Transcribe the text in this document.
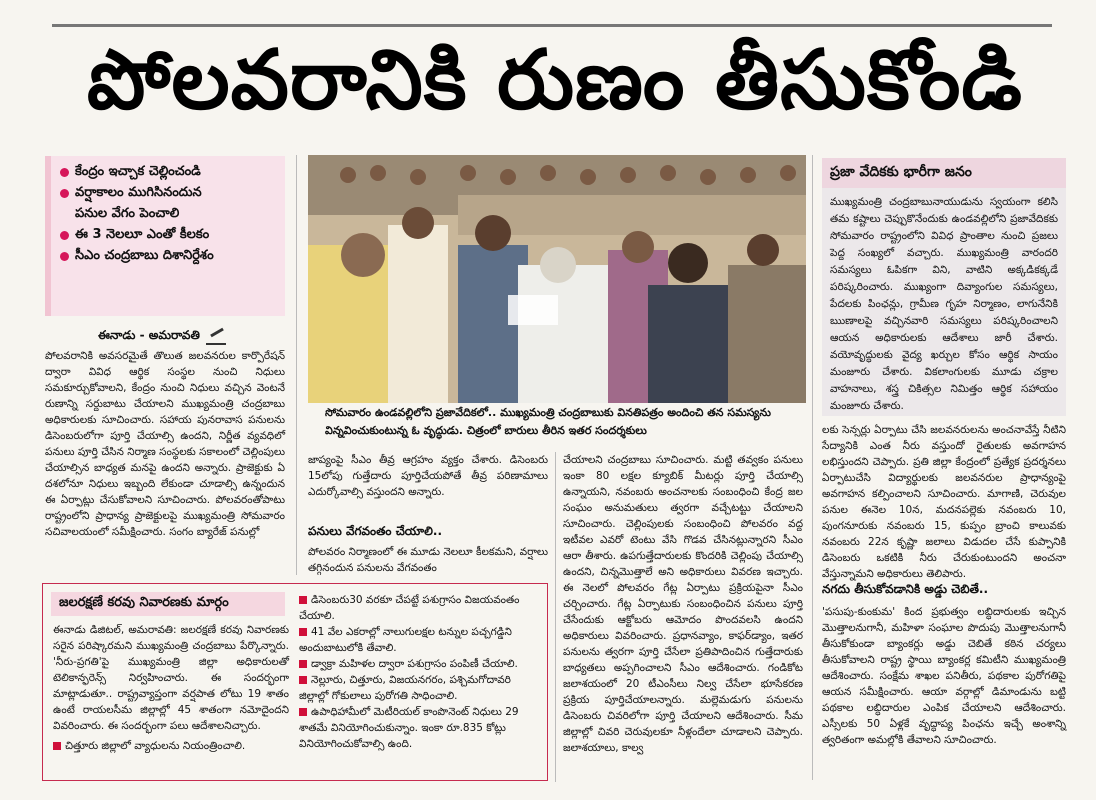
పోలవరానికి రుణం తీసుకోండి
కేంద్రం ఇచ్చాక చెల్లించండి
వర్షాకాలం ముగిసినందున
పనుల వేగం పెంచాలి
ఈ 3 నెలలూ ఎంతో కీలకం
సీఎం చంద్రబాబు దిశానిర్దేశం
ఈనాడు - అమరావతి
పోలవరానికి అవసరమైతే తొలుత జలవనరుల కార్పొరేషన్ ద్వారా వివిధ ఆర్థిక సంస్థల నుంచి నిధులు సమకూర్చుకోవాలని, కేంద్రం నుంచి నిధులు వచ్చిన వెంటనే రుణాన్ని సర్దుబాటు చేయాలని ముఖ్యమంత్రి చంద్రబాబు అధికారులకు సూచించారు. సహాయ పునరావాస పనులను డిసెంబరులోగా పూర్తి చేయాల్సి ఉందని, నిర్ణీత వ్యవధిలో పనులు పూర్తి చేసిన నిర్మాణ సంస్థలకు సకాలంలో చెల్లింపులు చేయాల్సిన బాధ్యత మనపై ఉందని అన్నారు. ప్రాజెక్టుకు ఏ దశలోనూ నిధులు ఇబ్బంది లేకుండా చూడాల్సి ఉన్నందున ఈ ఏర్పాట్లు చేసుకోవాలని సూచించారు. పోలవరంతోపాటు రాష్ట్రంలోని ప్రాధాన్య ప్రాజెక్టులపై ముఖ్యమంత్రి సోమవారం సచివాలయంలో సమీక్షించారు. సంగం బ్యారేజ్ పనుల్లో
సోమవారం ఉండవల్లిలోని ప్రజావేదికలో.. ముఖ్యమంత్రి చంద్రబాబుకు వినతిపత్రం అందించి తన సమస్యను విన్నవించుకుంటున్న ఓ వృద్ధుడు. చిత్రంలో బారులు తీరిన ఇతర సందర్శకులు
ప్రజా వేదికకు భారీగా జనం
ముఖ్యమంత్రి చంద్రబాబునాయుడును స్వయంగా కలిసి తమ కష్టాలు చెప్పుకొనేందుకు ఉండవల్లిలోని ప్రజావేదికకు సోమవారం రాష్ట్రంలోని వివిధ ప్రాంతాల నుంచి ప్రజలు పెద్ద సంఖ్యలో వచ్చారు. ముఖ్యమంత్రి వారందరి సమస్యలు ఓపికగా విని, వాటిని అక్కడికక్కడే పరిష్కరించారు. ముఖ్యంగా దివ్యాంగుల సమస్యలు, పేదలకు పింఛన్లు, గ్రామీణ గృహ నిర్మాణం, లాగునేనికి ఋణాలపై వచ్చినవారి సమస్యలు పరిష్కరించాలని ఆయన అధికారులకు ఆదేశాలు జారీ చేశారు. వయోవృద్ధులకు వైద్య ఖర్చుల కోసం ఆర్థిక సాయం మంజూరు చేశారు. వికలాంగులకు మూడు చక్రాల వాహనాలు, శస్త్ర చికిత్సల నిమిత్తం ఆర్థిక సహాయం మంజూరు చేశారు.
జాప్యంపై సీఎం తీవ్ర ఆగ్రహం వ్యక్తం చేశారు. డిసెంబరు 15లోపు గుత్తేదారు పూర్తిచేయపోతే తీవ్ర పరిణామాలు ఎదుర్కోవాల్సి వస్తుందని అన్నారు.
పనులు వేగవంతం చేయాలి..
పోలవరం నిర్మాణంలో ఈ మూడు నెలలూ కీలకమని, వర్షాలు తగ్గినందున పనులను వేగవంతం
చేయాలని చంద్రబాబు సూచించారు. మట్టి తవ్వకం పనులు ఇంకా 80 లక్షల క్యూబిక్ మీటర్లు పూర్తి చేయాల్సి ఉన్నాయని, నవంబరు అంచనాలకు సంబంధించి కేంద్ర జల సంఘం అనుమతులు త్వరగా వచ్చేటట్టు చేయాలని సూచించారు. చెల్లింపులకు సంబంధించి పోలవరం వద్ద ఇటీవల ఎవరో టెంటు వేసి గొడవ చేసినట్లున్నారని సీఎం ఆరా తీశారు. ఉపగుత్తేదారులకు కొందరికి చెల్లింపు చేయాల్సి ఉందని, చిన్నమొత్తాలే అని అధికారులు వివరణ ఇచ్చారు. ఈ నెలలో పోలవరం గేట్ల ఏర్పాటు ప్రక్రియపైనా సీఎం చర్చించారు. గేట్ల ఏర్పాటుకు సంబంధించిన పనులు పూర్తి చేసేందుకు ఆక్టోబరు ఆమోదం పొందవలసి ఉందని అధికారులు వివరించారు. ప్రధానవ్యాం, కాఫర్‌డ్యాం, ఇతర పనులను త్వరగా పూర్తి చేసేలా ప్రతిపాదించిన గుత్తేదారుకు బాధ్యతలు అప్పగించాలని సీఎం ఆదేశించారు. గండికోట జలాశయంలో 20 టీఎంసీలు నిల్వ చేసేలా భూసేకరణ ప్రక్రియ పూర్తిచేయాలన్నారు. మల్లెమడుగు పనులను డిసెంబరు చివరిలోగా పూర్తి చేయాలని ఆదేశించారు. సీమ జిల్లాల్లో చివరి చెరువులకూ నీళ్లందేలా చూడాలని చెప్పారు. జలాశయాలు, కాల్వ
లకు సెన్సర్లు ఏర్పాటు చేసి జలవనరులను అంచనావేస్తే నీటిని సేద్యానికి ఎంత నీరు వస్తుందో రైతులకు అవగాహన లభిస్తుందని చెప్పారు. ప్రతి జిల్లా కేంద్రంలో ప్రత్యేక ప్రదర్శనలు ఏర్పాటుచేసి విద్యార్థులకు జలవనరుల ప్రాధాన్యంపై అవగాహన కల్పించాలని సూచించారు. మాగాణి, చెరువుల పనుల ఈనెల 10న, మదనపల్లెకు నవంబరు 10, పుంగనూరుకు నవంబరు 15, కుప్పం బ్రాంచి కాలువకు నవంబరు 22న కృష్ణా జలాలు విడుదల చేసే కుప్పానికి డిసెంబరు ఒకటికి నీరు చేరుకుంటుందని అంచనా వేస్తున్నామని అధికారులు తెలిపారు.
నగదు తీసుకోవడానికి అడ్డు చెబితే..
'పసుపు-కుంకుమ' కింద ప్రభుత్వం లబ్ధిదారులకు ఇచ్చిన మొత్తాలనుగానీ, మహిళా సంఘాల పొదుపు మొత్తాలనుగానీ తీసుకోకుండా బ్యాంకర్లు అడ్డు చెబితే కఠిన చర్యలు తీసుకోవాలని రాష్ట్ర స్థాయి బ్యాంకర్ల కమిటీని ముఖ్యమంత్రి ఆదేశించారు. సంక్షేమ శాఖల పనితీరు, పథకాల పురోగతిపై ఆయన సమీక్షించారు. ఆయా వర్గాల్లో డిమాండును బట్టి పథకాల లబ్ధిదారుల ఎంపిక చేయాలని ఆదేశించారు. ఎస్సీలకు 50 ఏళ్లకే వృద్ధాప్య పింఛను ఇచ్చే అంశాన్ని త్వరితంగా అమల్లోకి తేవాలని సూచించారు.
జలరక్షణే కరవు నివారణకు మార్గం
ఈనాడు డిజిటల్, అమరావతి: జలరక్షణే కరవు నివారణకు సరైన పరిష్కారమని ముఖ్యమంత్రి చంద్రబాబు పేర్కొన్నారు. 'నీరు-ప్రగతి'పై ముఖ్యమంత్రి జిల్లా అధికారులతో టెలికాన్ఫరెన్స్ నిర్వహించారు. ఈ సందర్భంగా మాట్లాడుతూ.. రాష్ట్రవ్యాప్తంగా వర్షపాత లోటు 19 శాతం ఉంటే రాయలసీమ జిల్లాల్లో 45 శాతంగా నమోదైందని వివరించారు. ఈ సందర్భంగా పలు ఆదేశాలనిచ్చారు.
చిత్తూరు జిల్లాలో వ్యాధులను నియంత్రించాలి.
డిసెంబరు30 వరకూ చేపట్టే పశుగ్రాసం విజయవంతం చేయాలి.
41 వేల ఎకరాల్లో నాలుగులక్షల టన్నుల పచ్చగడ్డిని అందుబాటులోకి తేవాలి.
డ్వాక్రా మహిళల ద్వారా పశుగ్రాసం పంపిణీ చేయాలి.
నెల్లూరు, చిత్తూరు, విజయనగరం, పశ్చిమగోదావరి జిల్లాల్లో గోకులాలు పురోగతి సాధించాలి.
ఉపాధిహామీలో మెటీరియల్ కాంపొనెంట్ నిధులు 29 శాతమే వినియోగించుకున్నాం. ఇంకా రూ.835 కోట్లు వినియోగించుకోవాల్సి ఉంది.
